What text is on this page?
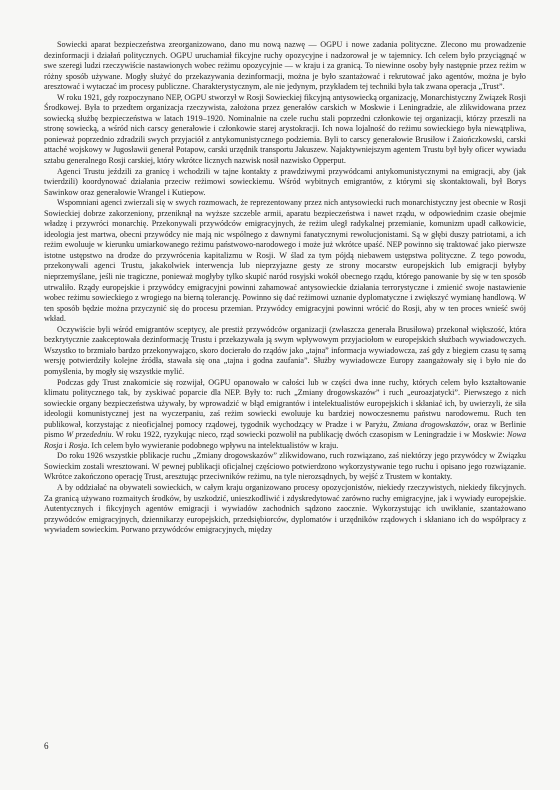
Sowiecki aparat bezpieczeństwa zreorganizowano, dano mu nową nazwę — OGPU i nowe zadania polityczne. Zlecono mu prowadzenie dezinformacji i działań politycznych. OGPU uruchamiał fikcyjne ruchy opozycyjne i nadzorował je w tajemnicy. Ich celem było przyciągnąć w swe szeregi ludzi rzeczywiście nastawionych wobec reżimu opozycyjnie — w kraju i za granicą. To niewinne osoby były następnie przez reżim w różny sposób używane. Mogły służyć do przekazywania dezinformacji, można je było szantażować i rekrutować jako agentów, można je było aresztować i wytaczać im procesy publiczne. Charakterystycznym, ale nie jedynym, przykładem tej techniki była tak zwana operacja „Trust”.

W roku 1921, gdy rozpoczynano NEP, OGPU stworzył w Rosji Sowieckiej fikcyjną antysowiecką organizację, Monarchistyczny Związek Rosji Środkowej. Była to przedtem organizacja rzeczywista, założona przez generałów carskich w Moskwie i Leningradzie, ale zlikwidowana przez sowiecką służbę bezpieczeństwa w latach 1919–1920. Nominalnie na czele ruchu stali poprzedni członkowie tej organizacji, którzy przeszli na stronę sowiecką, a wśród nich carscy generałowie i członkowie starej arystokracji. Ich nowa lojalność do reżimu sowieckiego była niewątpliwa, ponieważ poprzednio zdradzili swych przyjaciół z antykomunistycznego podziemia. Byli to carscy generałowie Brusiłow i Zaiończkowski, carski attaché wojskowy w Jugosławii generał Potapow, carski urzędnik transportu Jakuszew. Najaktywniejszym agentem Trustu był były oficer wywiadu sztabu generalnego Rosji carskiej, który wkrótce licznych nazwisk nosił nazwisko Opperput.

Agenci Trustu jeździli za granicę i wchodzili w tajne kontakty z prawdziwymi przywódcami antykomunistycznymi na emigracji, aby (jak twierdzili) koordynować działania przeciw reżimowi sowieckiemu. Wśród wybitnych emigrantów, z którymi się skontaktowali, był Borys Sawinkow oraz generałowie Wrangel i Kutiepow.

Wspomniani agenci zwierzali się w swych rozmowach, że reprezentowany przez nich antysowiecki ruch monarchistyczny jest obecnie w Rosji Sowieckiej dobrze zakorzeniony, przeniknął na wyższe szczeble armii, aparatu bezpieczeństwa i nawet rządu, w odpowiednim czasie obejmie władzę i przywróci monarchię. Przekonywali przywódców emigracyjnych, że reżim uległ radykalnej przemianie, komunizm upadł całkowicie, ideologia jest martwa, obecni przywódcy nie mają nic wspólnego z dawnymi fanatycznymi rewolucjonistami. Są w głębi duszy patriotami, a ich reżim ewoluuje w kierunku umiarkowanego reżimu państwowo-narodowego i może już wkrótce upaść. NEP powinno się traktować jako pierwsze istotne ustępstwo na drodze do przywrócenia kapitalizmu w Rosji. W ślad za tym pójdą niebawem ustępstwa polityczne. Z tego powodu, przekonywali agenci Trustu, jakakolwiek interwencja lub nieprzyjazne gesty ze strony mocarstw europejskich lub emigracji byłyby nieprzemyślane, jeśli nie tragiczne, ponieważ mogłyby tylko skupić naród rosyjski wokół obecnego rządu, którego panowanie by się w ten sposób utrwaliło. Rządy europejskie i przywódcy emigracyjni powinni zahamować antysowieckie działania terrorystyczne i zmienić swoje nastawienie wobec reżimu sowieckiego z wrogiego na bierną tolerancję. Powinno się dać reżimowi uznanie dyplomatyczne i zwiększyć wymianę handlową. W ten sposób będzie można przyczynić się do procesu przemian. Przywódcy emigracyjni powinni wrócić do Rosji, aby w ten proces wnieść swój wkład.

Oczywiście byli wśród emigrantów sceptycy, ale prestiż przywódców organizacji (zwłaszcza generała Brusiłowa) przekonał większość, która bezkrytycznie zaakceptowała dezinformację Trustu i przekazywała ją swym wpływowym przyjaciołom w europejskich służbach wywiadowczych. Wszystko to brzmiało bardzo przekonywająco, skoro docierało do rządów jako „tajna” informacja wywiadowcza, zaś gdy z biegiem czasu tę samą wersję potwierdziły kolejne źródła, stawała się ona „tajna i godna zaufania”. Służby wywiadowcze Europy zaangażowały się i było nie do pomyślenia, by mogły się wszystkie mylić.

Podczas gdy Trust znakomicie się rozwijał, OGPU opanowało w całości lub w części dwa inne ruchy, których celem było kształtowanie klimatu politycznego tak, by zyskiwać poparcie dla NEP. Były to: ruch „Zmiany drogowskazów” i ruch „euroazjatycki”. Pierwszego z nich sowieckie organy bezpieczeństwa używały, by wprowadzić w błąd emigrantów i intelektualistów europejskich i skłaniać ich, by uwierzyli, że siła ideologii komunistycznej jest na wyczerpaniu, zaś reżim sowiecki ewoluuje ku bardziej nowoczesnemu państwu narodowemu. Ruch ten publikował, korzystając z nieoficjalnej pomocy rządowej, tygodnik wychodzący w Pradze i w Paryżu, Zmiana drogowskazów, oraz w Berlinie pismo W przededniu. W roku 1922, ryzykując nieco, rząd sowiecki pozwolił na publikację dwóch czasopism w Leningradzie i w Moskwie: Nowa Rosja i Rosja. Ich celem było wywieranie podobnego wpływu na intelektualistów w kraju.

Do roku 1926 wszystkie pblikacje ruchu „Zmiany drogowskazów” zlikwidowano, ruch rozwiązano, zaś niektórzy jego przywódcy w Związku Sowieckim zostali wresztowani. W pewnej publikacji oficjalnej częściowo potwierdzono wykorzystywanie tego ruchu i opisano jego rozwiązanie. Wkrótce zakończono operację Trust, aresztując przeciwników reżimu, na tyle nierozsądnych, by wejść z Trustem w kontakty.

A by oddziałać na obywateli sowieckich, w całym kraju organizowano procesy opozycjonistów, niekiedy rzeczywistych, niekiedy fikcyjnych. Za granicą używano rozmaitych środków, by uszkodzić, unieszkodliwić i zdyskredytować zarówno ruchy emigracyjne, jak i wywiady europejskie. Autentycznych i fikcyjnych agentów emigracji i wywiadów zachodnich sądzono zaocznie. Wykorzystując ich uwikłanie, szantażowano przywódców emigracyjnych, dziennikarzy europejskich, przedsiębiorców, dyplomatów i urzędników rządowych i skłaniano ich do współpracy z wywiadem sowieckim. Porwano przywódców emigracyjnych, między

6
